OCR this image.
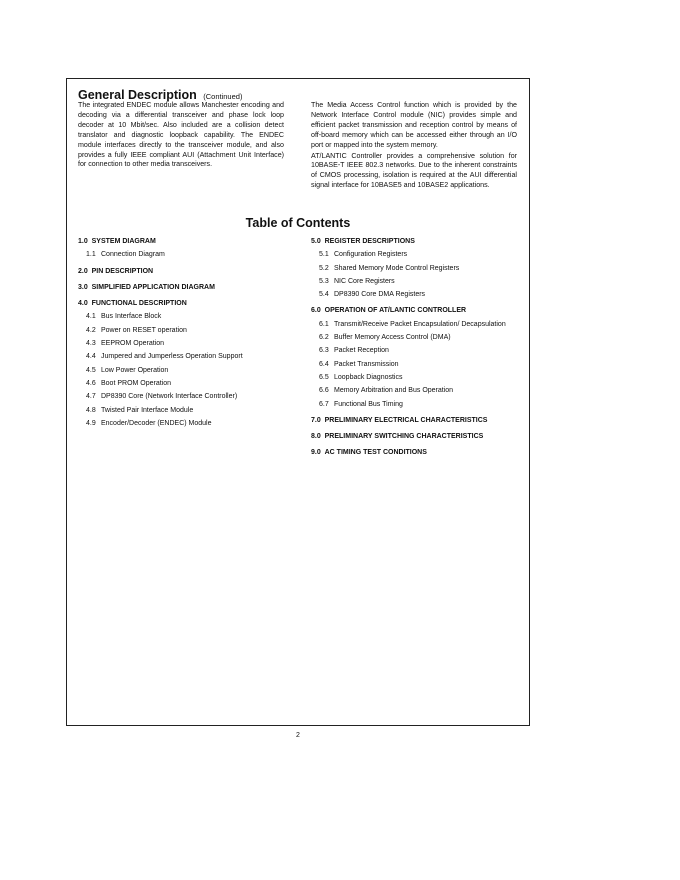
General Description (Continued)

The integrated ENDEC module allows Manchester encoding and decoding via a differential transceiver and phase lock loop decoder at 10 Mbit/sec. Also included are a collision detect translator and diagnostic loopback capability. The ENDEC module interfaces directly to the transceiver module, and also provides a fully IEEE compliant AUI (Attachment Unit Interface) for connection to other media transceivers.

The Media Access Control function which is provided by the Network Interface Control module (NIC) provides simple and efficient packet transmission and reception control by means of off-board memory which can be accessed either through an I/O port or mapped into the system memory.
AT/LANTIC Controller provides a comprehensive solution for 10BASE-T IEEE 802.3 networks. Due to the inherent constraints of CMOS processing, isolation is required at the AUI differential signal interface for 10BASE5 and 10BASE2 applications.
Table of Contents
1.0 SYSTEM DIAGRAM
1.1 Connection Diagram
2.0 PIN DESCRIPTION
3.0 SIMPLIFIED APPLICATION DIAGRAM
4.0 FUNCTIONAL DESCRIPTION
4.1 Bus Interface Block
4.2 Power on RESET operation
4.3 EEPROM Operation
4.4 Jumpered and Jumperless Operation Support
4.5 Low Power Operation
4.6 Boot PROM Operation
4.7 DP8390 Core (Network Interface Controller)
4.8 Twisted Pair Interface Module
4.9 Encoder/Decoder (ENDEC) Module
5.0 REGISTER DESCRIPTIONS
5.1 Configuration Registers
5.2 Shared Memory Mode Control Registers
5.3 NIC Core Registers
5.4 DP8390 Core DMA Registers
6.0 OPERATION OF AT/LANTIC CONTROLLER
6.1 Transmit/Receive Packet Encapsulation/ Decapsulation
6.2 Buffer Memory Access Control (DMA)
6.3 Packet Reception
6.4 Packet Transmission
6.5 Loopback Diagnostics
6.6 Memory Arbitration and Bus Operation
6.7 Functional Bus Timing
7.0 PRELIMINARY ELECTRICAL CHARACTERISTICS
8.0 PRELIMINARY SWITCHING CHARACTERISTICS
9.0 AC TIMING TEST CONDITIONS
2
